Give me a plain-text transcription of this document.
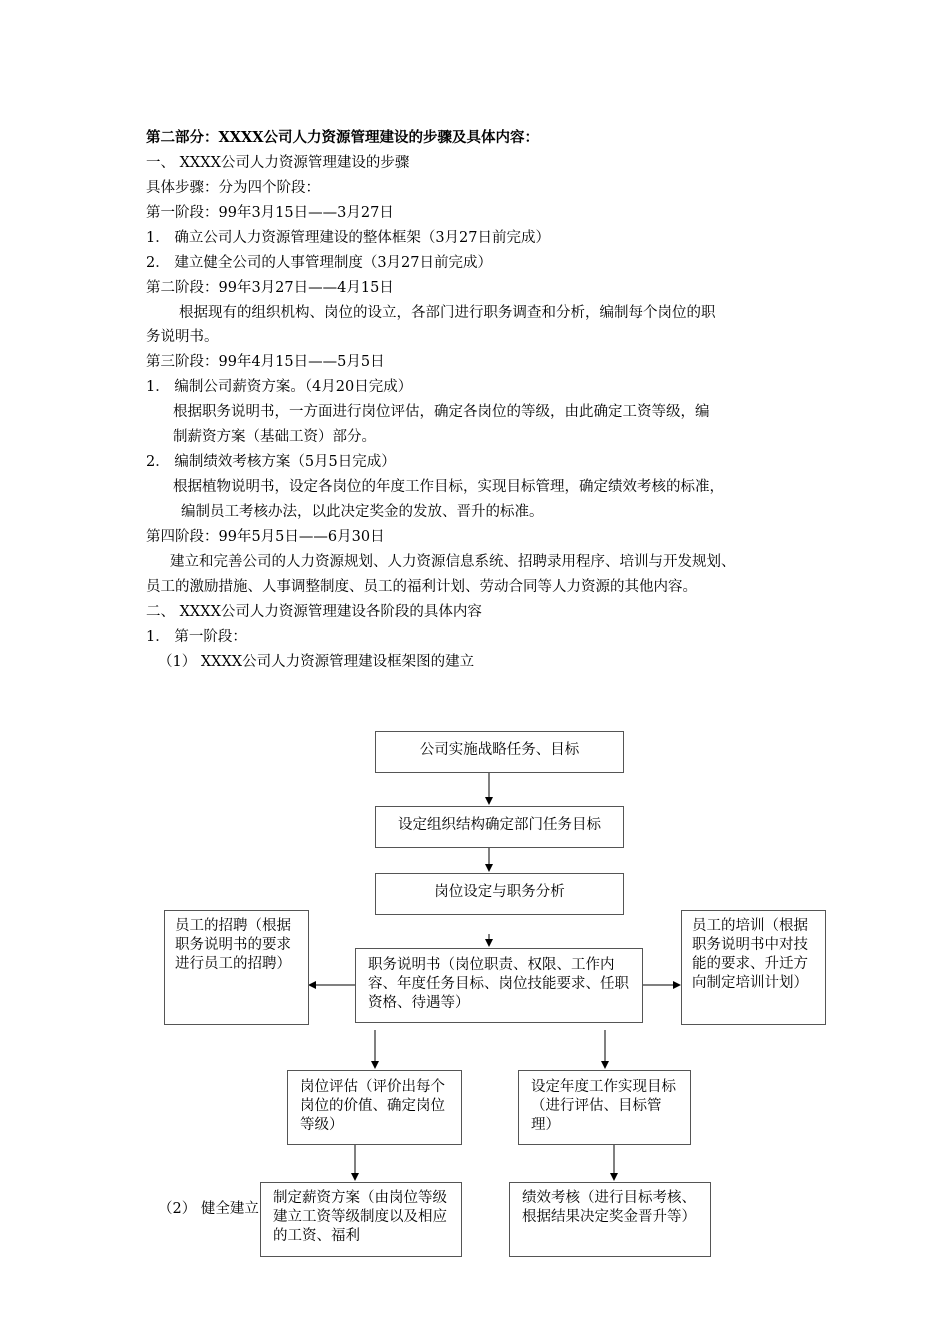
第二部分：XXXX公司人力资源管理建设的步骤及具体内容：
一、 XXXX公司人力资源管理建设的步骤
具体步骤：分为四个阶段：
第一阶段：99年3月15日——3月27日
1． 确立公司人力资源管理建设的整体框架（3月27日前完成）
2． 建立健全公司的人事管理制度（3月27日前完成）
第二阶段：99年3月27日——4月15日
根据现有的组织机构、岗位的设立，各部门进行职务调查和分析，编制每个岗位的职
务说明书。
第三阶段：99年4月15日——5月5日
1． 编制公司薪资方案。（4月20日完成）
根据职务说明书，一方面进行岗位评估，确定各岗位的等级，由此确定工资等级，编
制薪资方案（基础工资）部分。
2． 编制绩效考核方案（5月5日完成）
根据植物说明书，设定各岗位的年度工作目标，实现目标管理，确定绩效考核的标准，
编制员工考核办法，以此决定奖金的发放、晋升的标准。
第四阶段：99年5月5日——6月30日
建立和完善公司的人力资源规划、人力资源信息系统、招聘录用程序、培训与开发规划、
员工的激励措施、人事调整制度、员工的福利计划、劳动合同等人力资源的其他内容。
二、 XXXX公司人力资源管理建设各阶段的具体内容
1． 第一阶段：
（1） XXXX公司人力资源管理建设框架图的建立
（2） 健全建立
公司实施战略任务、目标
设定组织结构确定部门任务目标
岗位设定与职务分析
员工的招聘（根据职务说明书的要求进行员工的招聘）	职务说明书（岗位职责、权限、工作内容、年度任务目标、岗位技能要求、任职资格、待遇等）
员工的培训（根据职务说明书中对技能的要求、升迁方向制定培训计划）
岗位评估（评价出每个岗位的价值、确定岗位等级）
设定年度工作实现目标（进行评估、目标管理）
制定薪资方案（由岗位等级建立工资等级制度以及相应的工资、福利
绩效考核（进行目标考核、根据结果决定奖金晋升等）
